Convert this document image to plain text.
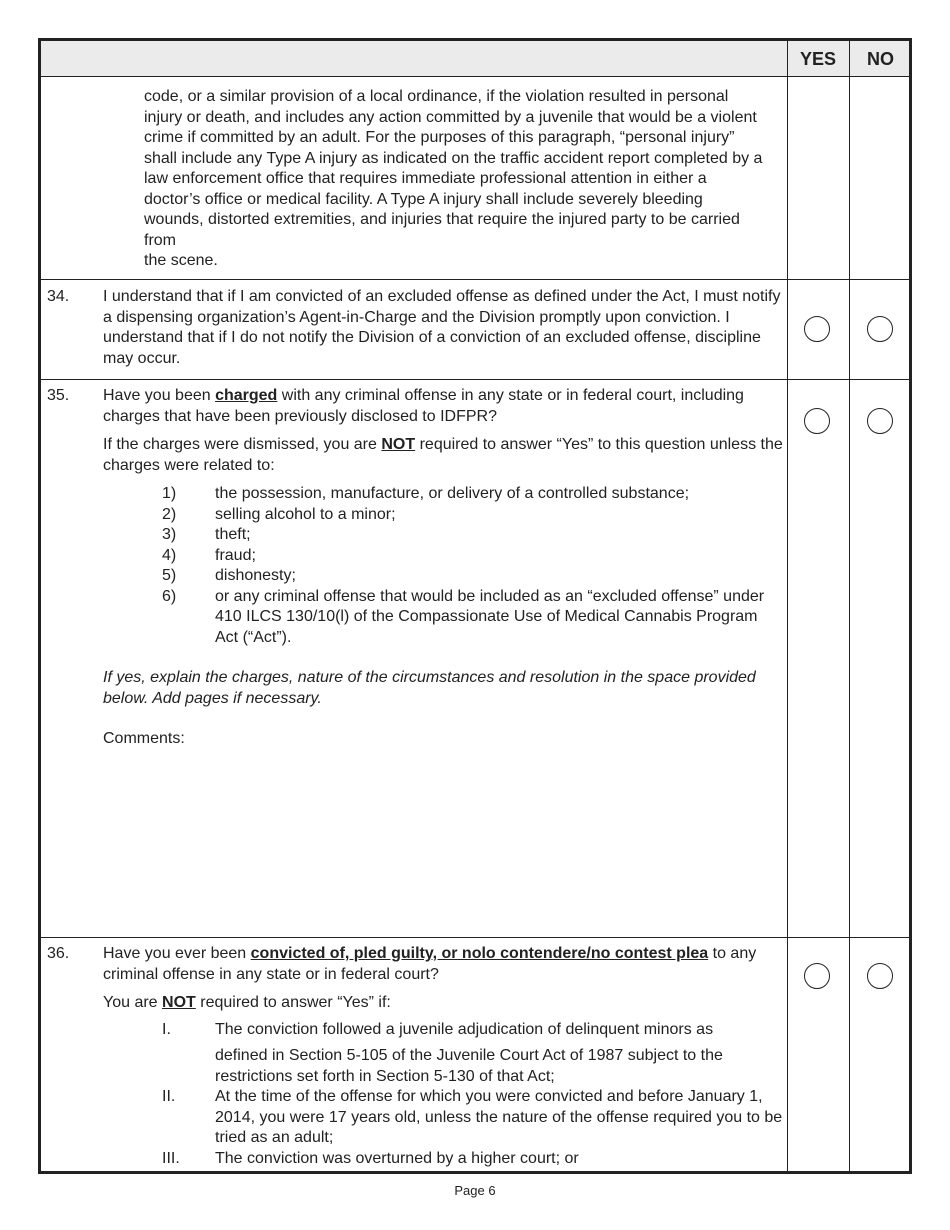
YES	NO

code, or a similar provision of a local ordinance, if the violation resulted in personal injury or death, and includes any action committed by a juvenile that would be a violent crime if committed by an adult. For the purposes of this paragraph, “personal injury” shall include any Type A injury as indicated on the traffic accident report completed by a law enforcement office that requires immediate professional attention in either a doctor’s office or medical facility. A Type A injury shall include severely bleeding wounds, distorted extremities, and injuries that require the injured party to be carried from

the scene.

34. I understand that if I am convicted of an excluded offense as defined under the Act, I must notify a dispensing organization’s Agent-in-Charge and the Division promptly upon conviction. I understand that if I do not notify the Division of a conviction of an excluded offense, discipline may occur.
35. Have you been charged with any criminal offense in any state or in federal court, including charges that have been previously disclosed to IDFPR?

If the charges were dismissed, you are NOT required to answer “Yes” to this question unless the charges were related to:

1) the possession, manufacture, or delivery of a controlled substance;
2) selling alcohol to a minor;
3) theft;
4) fraud;
5) dishonesty;
6) or any criminal offense that would be included as an “excluded offense” under 410 ILCS 130/10(l) of the Compassionate Use of Medical Cannabis Program Act (“Act”).

If yes, explain the charges, nature of the circumstances and resolution in the space provided below. Add pages if necessary.

Comments:

36. Have you ever been convicted of, pled guilty, or nolo contendere/no contest plea to any criminal offense in any state or in federal court?

You are NOT required to answer “Yes” if:

I.	The conviction followed a juvenile adjudication of delinquent minors as
defined in Section 5-105 of the Juvenile Court Act of 1987 subject to the restrictions set forth in Section 5-130 of that Act;
II. At the time of the offense for which you were convicted and before January 1, 2014, you were 17 years old, unless the nature of the offense required you to be tried as an adult;
III. The conviction was overturned by a higher court; or
Page 6
